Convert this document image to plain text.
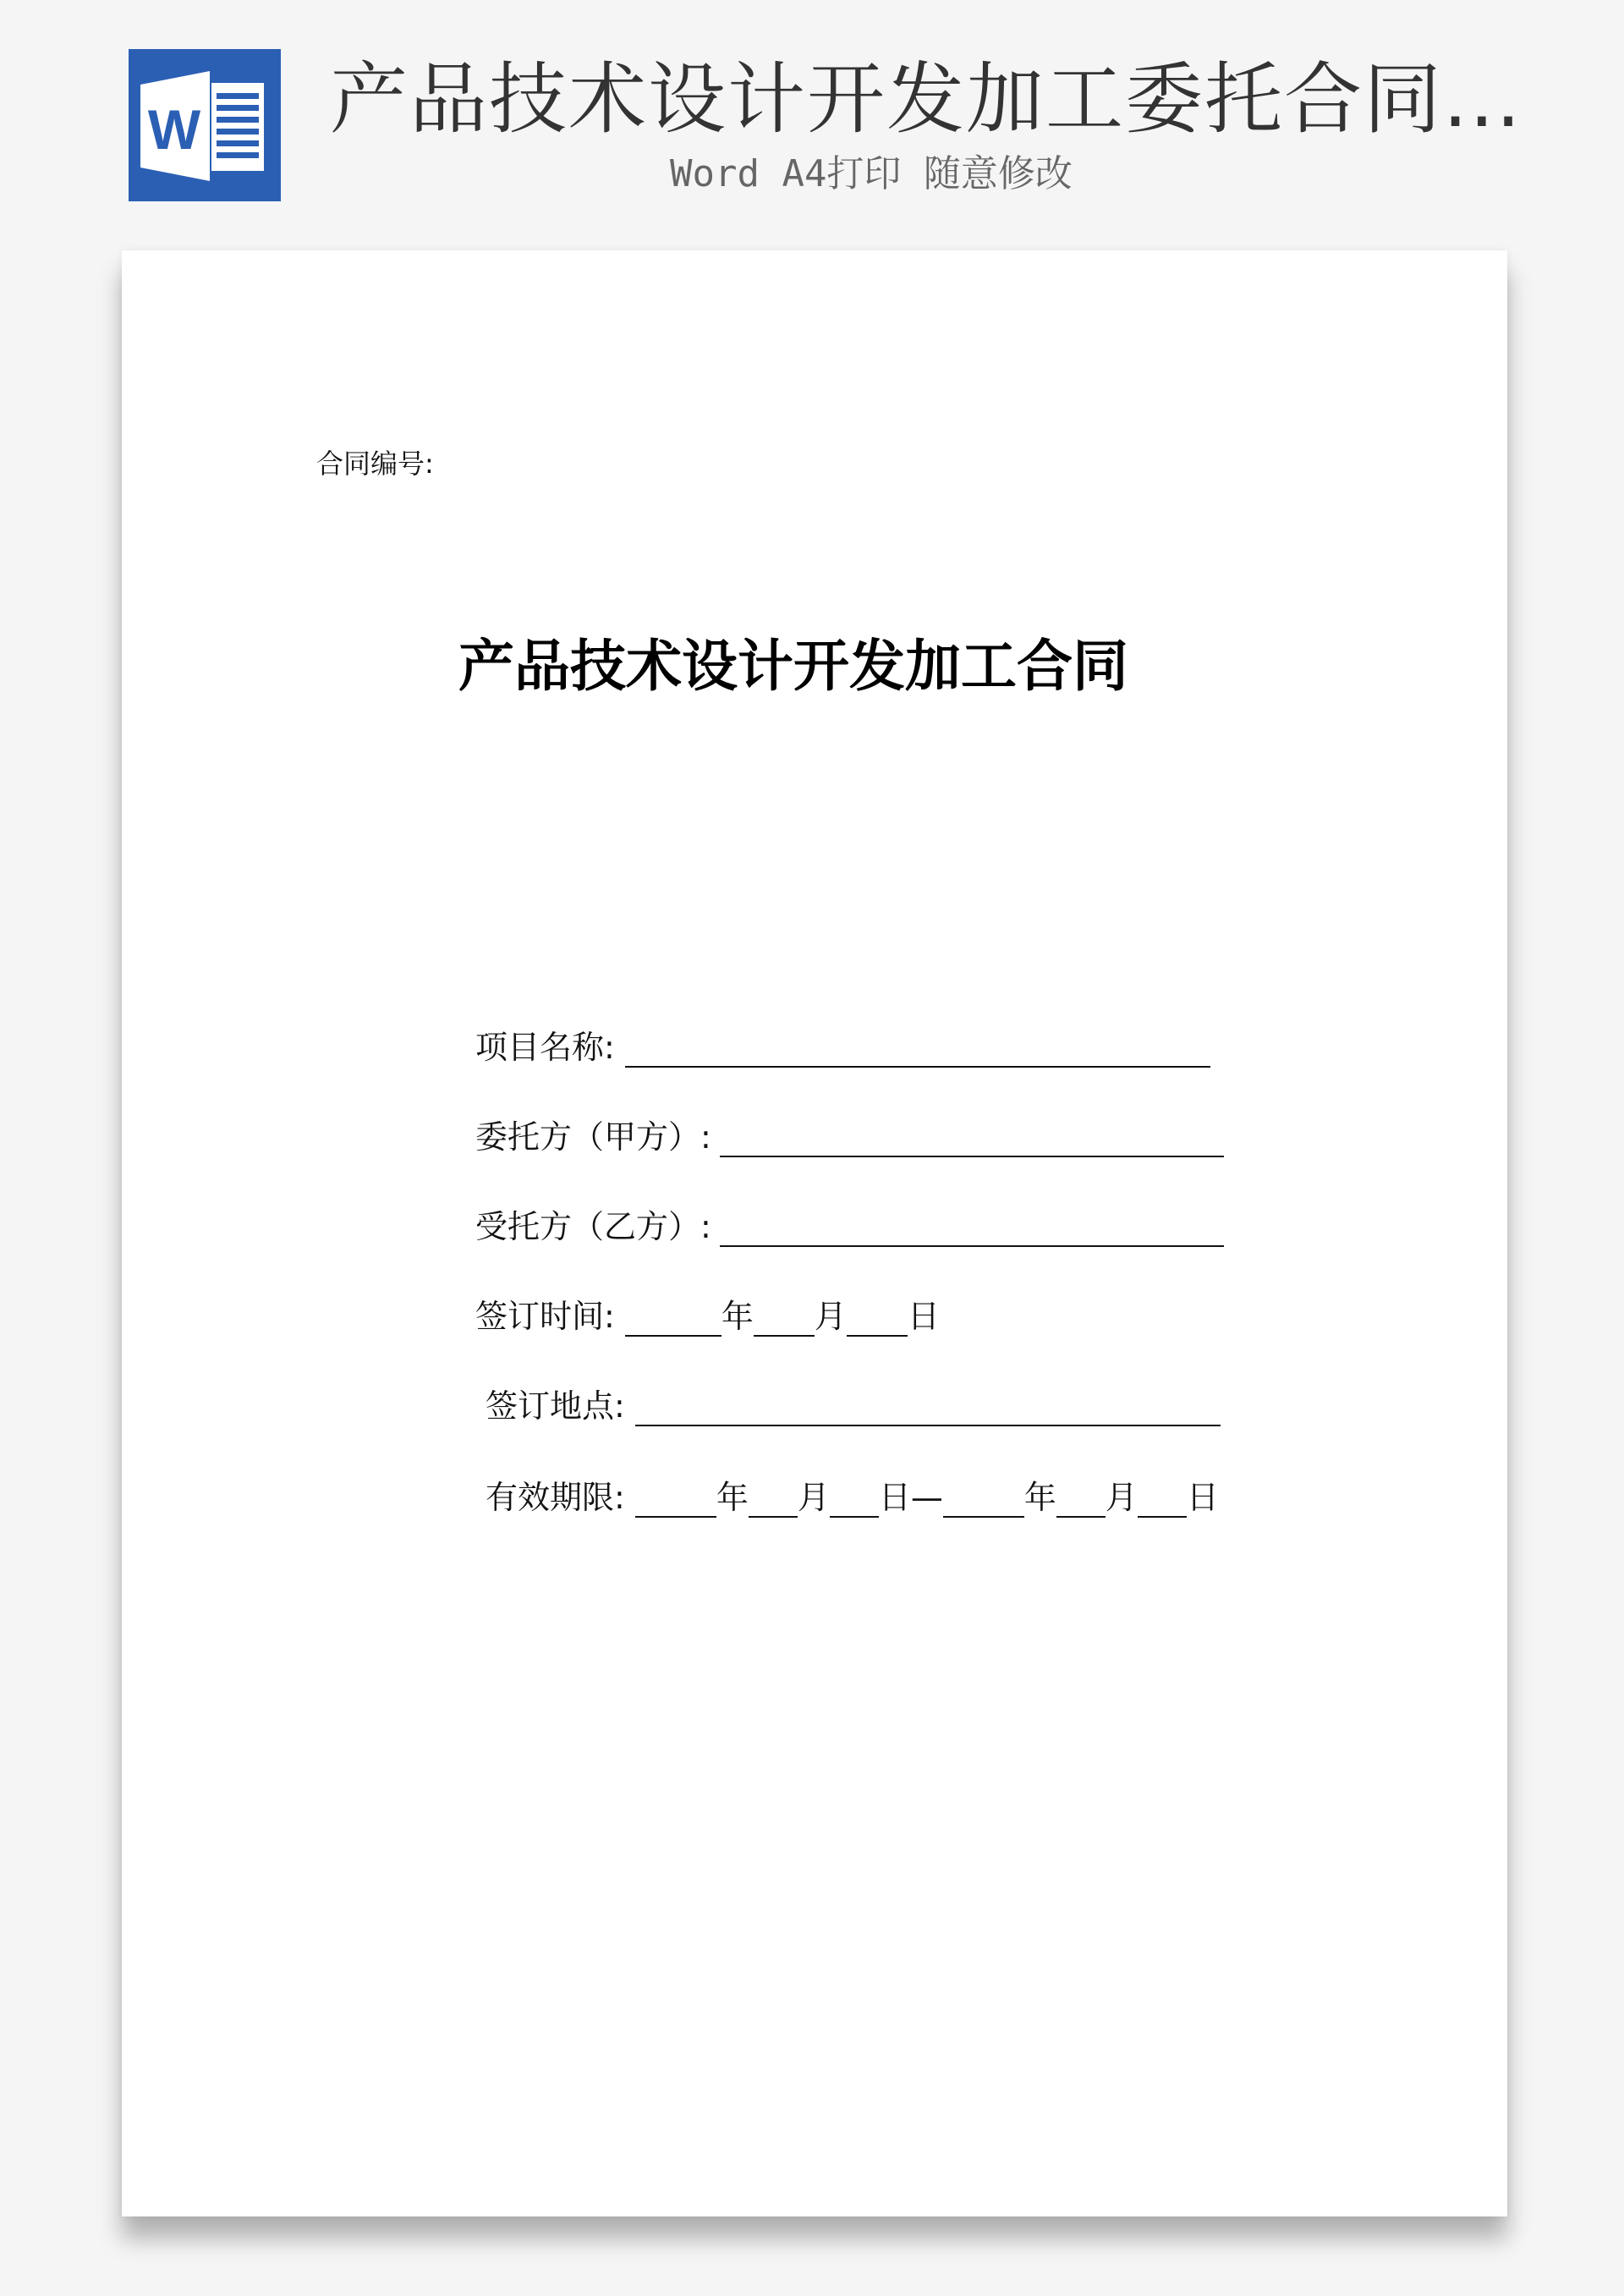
W 产品技术设计开发加工委托合同...
Word A4打印 随意修改
合同编号:
产品技术设计开发加工合同
项目名称:
委托方（甲方）:
受托方（乙方）:
签订时间:	年 月 日
签订地点:
有效期限:	年 月 日—	年 月 日
